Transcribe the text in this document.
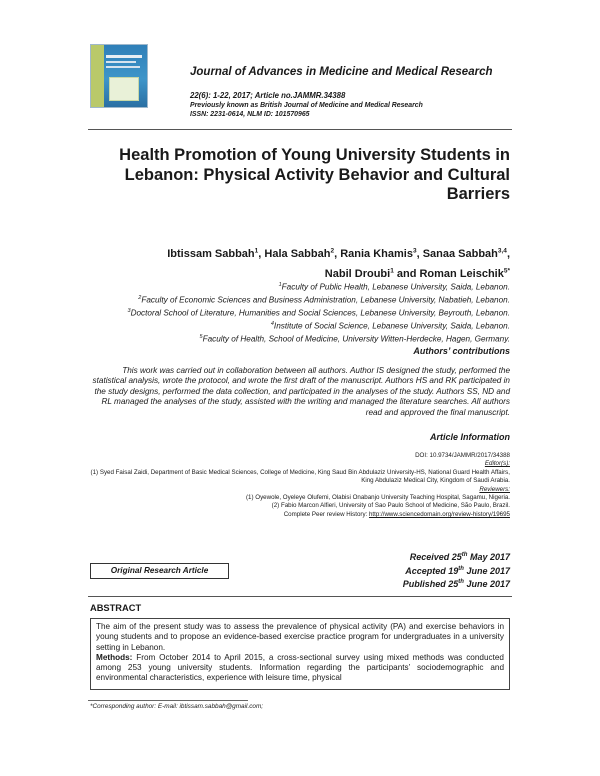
Journal of Advances in Medicine and Medical Research
22(6): 1-22, 2017; Article no.JAMMR.34388
Previously known as British Journal of Medicine and Medical Research
ISSN: 2231-0614, NLM ID: 101570965
Health Promotion of Young University Students in Lebanon: Physical Activity Behavior and Cultural Barriers
Ibtissam Sabbah$^1$, Hala Sabbah$^2$, Rania Khamis$^3$, Sanaa Sabbah$^{3,4}$,
Nabil Droubi$^1$ and Roman Leischik$^{5*}$
$^1$Faculty of Public Health, Lebanese University, Saida, Lebanon.
$^2$Faculty of Economic Sciences and Business Administration, Lebanese University, Nabatieh, Lebanon.
$^3$Doctoral School of Literature, Humanities and Social Sciences, Lebanese University, Beyrouth, Lebanon.
$^4$Institute of Social Science, Lebanese University, Saida, Lebanon.
$^5$Faculty of Health, School of Medicine, University Witten-Herdecke, Hagen, Germany.
Authors’ contributions
This work was carried out in collaboration between all authors. Author IS designed the study, performed the statistical analysis, wrote the protocol, and wrote the first draft of the manuscript. Authors HS and RK participated in the study designs, performed the data collection, and participated in the analyses of the study. Authors SS, ND and RL managed the analyses of the study, assisted with the writing and managed the literature searches. All authors read and approved the final manuscript.
Article Information
DOI: 10.9734/JAMMR/2017/34388
Editor(s):
(1) Syed Faisal Zaidi, Department of Basic Medical Sciences, College of Medicine, King Saud Bin Abdulaziz University-HS, National Guard Health Affairs, King Abdulaziz Medical City, Kingdom of Saudi Arabia.
Reviewers:
(1) Oyewole, Oyeleye Olufemi, Olabisi Onabanjo University Teaching Hospital, Sagamu, Nigeria.
(2) Fabio Marcon Alfieri, University of Sao Paulo School of Medicine, São Paulo, Brazil.
Complete Peer review History: http://www.sciencedomain.org/review-history/19695
Original Research Article
Received 25th May 2017
Accepted 19th June 2017
Published 25th June 2017
ABSTRACT

The aim of the present study was to assess the prevalence of physical activity (PA) and exercise behaviors in young students and to propose an evidence-based exercise practice program for undergraduates in a university setting in Lebanon.

Methods: From October 2014 to April 2015, a cross-sectional survey using mixed methods was conducted among 253 young university students. Information regarding the participants’ sociodemographic and environmental characteristics, experience with leisure time, physical

*Corresponding author: E-mail: ibtissam.sabbah@gmail.com;
